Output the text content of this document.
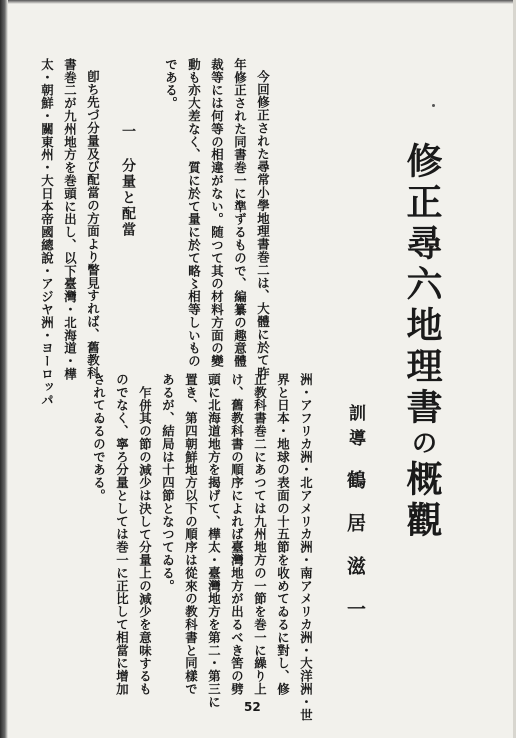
修正尋六地理書の概觀
訓導
鶴居滋一
洲・アフリカ洲・北アメリカ洲・南アメリカ洲・大洋洲・世
界と日本・地球の表面の十五節を收めてゐるに對し、修
正教科書巻二にあつては九州地方の一節を巻一に繰り上
け、舊教科書の順序によれば臺灣地方が出るべき筈の劈
頭に北海道地方を揭げて、樺太・臺灣地方を第二・第三に
置き、第四朝鮮地方以下の順序は從來の教科書と同樣で
あるが、結局は十四節となつてゐる。
乍併其の節の減少は決して分量上の減少を意味するも
のでなく、寧ろ分量としては巻一に正比して相當に增加
されてゐるのである。
今回修正された尋常小學地理書巻二は、大體に於て昨
年修正された同書巻一に準ずるもので、編纂の趣意體
裁等には何等の相違がない。随つて其の材料方面の變
動も亦大差なく、質に於て量に於て略〻相等しいもの
である。
一 分量と配當
卽ち先づ分量及び配當の方面より瞥見すれば、舊教科
書巻二が九州地方を巻頭に出し、以下臺灣・北海道・樺
太・朝鮮・關東州・大日本帝國總說・アジヤ洲・ヨーロッパ
52
